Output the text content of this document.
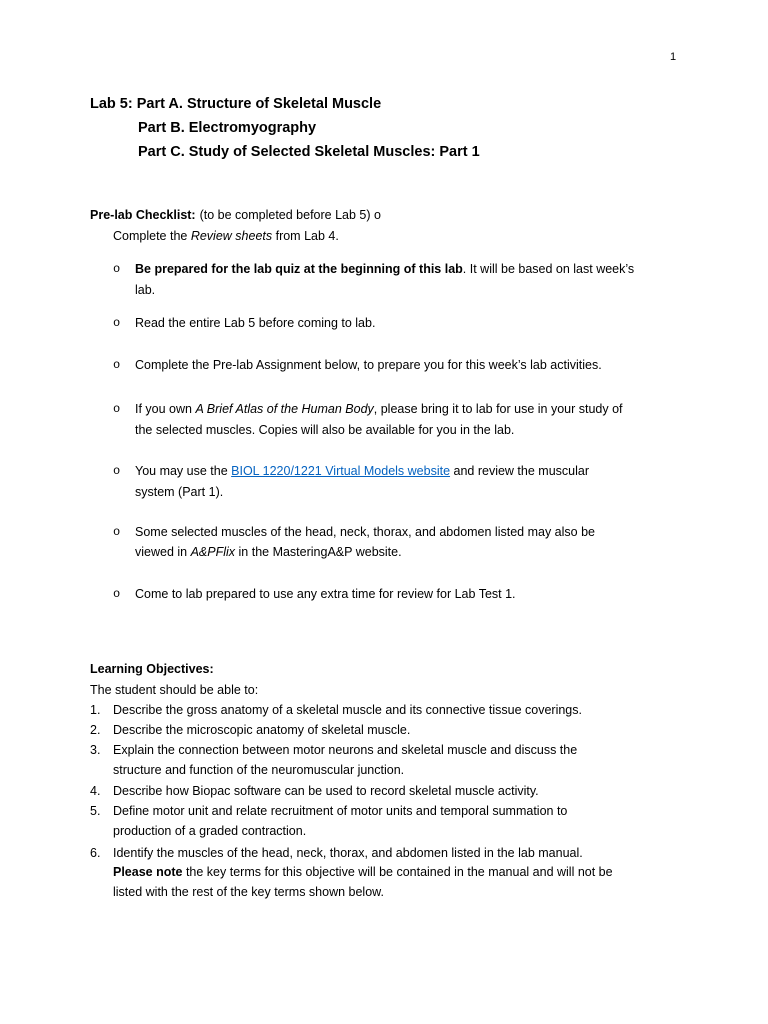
1
Lab 5: Part A. Structure of Skeletal Muscle
Part B. Electromyography
Part C. Study of Selected Skeletal Muscles: Part 1
Pre-lab Checklist: (to be completed before Lab 5) o
Complete the Review sheets from Lab 4.
o Be prepared for the lab quiz at the beginning of this lab. It will be based on last week’s
lab.
o Read the entire Lab 5 before coming to lab.
o Complete the Pre-lab Assignment below, to prepare you for this week’s lab activities.
o If you own A Brief Atlas of the Human Body, please bring it to lab for use in your study of
the selected muscles. Copies will also be available for you in the lab.
o You may use the BIOL 1220/1221 Virtual Models website and review the muscular
system (Part 1).
o Some selected muscles of the head, neck, thorax, and abdomen listed may also be
viewed in A&PFlix in the MasteringA&P website.
o Come to lab prepared to use any extra time for review for Lab Test 1.
Learning Objectives:
The student should be able to:
1. Describe the gross anatomy of a skeletal muscle and its connective tissue coverings.
2. Describe the microscopic anatomy of skeletal muscle.
3. Explain the connection between motor neurons and skeletal muscle and discuss the
structure and function of the neuromuscular junction.
4. Describe how Biopac software can be used to record skeletal muscle activity.
5. Define motor unit and relate recruitment of motor units and temporal summation to
production of a graded contraction.
6. Identify the muscles of the head, neck, thorax, and abdomen listed in the lab manual.
Please note the key terms for this objective will be contained in the manual and will not be
listed with the rest of the key terms shown below.
